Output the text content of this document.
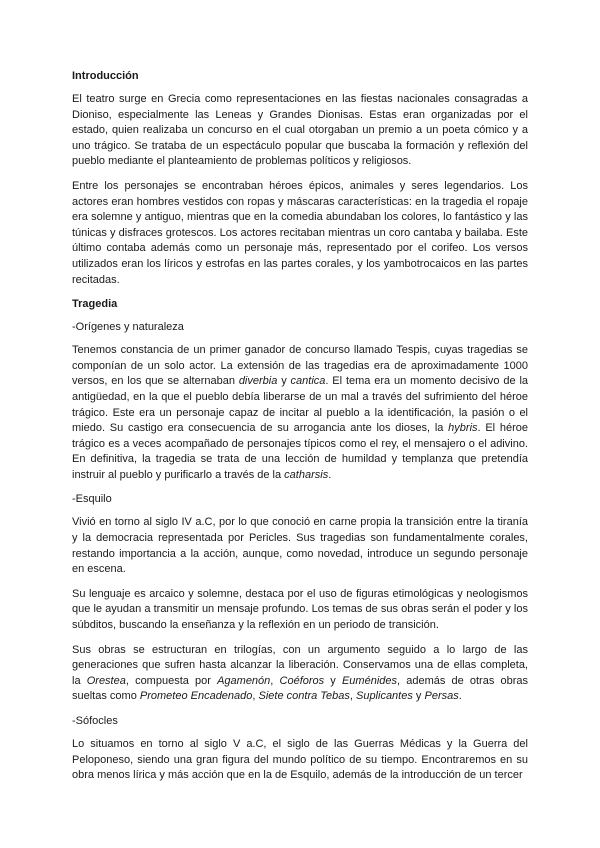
Introducción

El teatro surge en Grecia como representaciones en las fiestas nacionales consagradas a Dioniso, especialmente las Leneas y Grandes Dionisas. Estas eran organizadas por el estado, quien realizaba un concurso en el cual otorgaban un premio a un poeta cómico y a uno trágico. Se trataba de un espectáculo popular que buscaba la formación y reflexión del pueblo mediante el planteamiento de problemas políticos y religiosos.

Entre los personajes se encontraban héroes épicos, animales y seres legendarios. Los actores eran hombres vestidos con ropas y máscaras características: en la tragedia el ropaje era solemne y antiguo, mientras que en la comedia abundaban los colores, lo fantástico y las túnicas y disfraces grotescos. Los actores recitaban mientras un coro cantaba y bailaba. Este último contaba además como un personaje más, representado por el corifeo. Los versos utilizados eran los líricos y estrofas en las partes corales, y los yambotrocaicos en las partes recitadas.

Tragedia
-Orígenes y naturaleza

Tenemos constancia de un primer ganador de concurso llamado Tespis, cuyas tragedias se componían de un solo actor. La extensión de las tragedias era de aproximadamente 1000 versos, en los que se alternaban diverbia y cantica. El tema era un momento decisivo de la antigüedad, en la que el pueblo debía liberarse de un mal a través del sufrimiento del héroe trágico. Este era un personaje capaz de incitar al pueblo a la identificación, la pasión o el miedo. Su castigo era consecuencia de su arrogancia ante los dioses, la hybris. El héroe trágico es a veces acompañado de personajes típicos como el rey, el mensajero o el adivino. En definitiva, la tragedia se trata de una lección de humildad y templanza que pretendía instruir al pueblo y purificarlo a través de la catharsis.

-Esquilo

Vivió en torno al siglo IV a.C, por lo que conoció en carne propia la transición entre la tiranía y la democracia representada por Pericles. Sus tragedias son fundamentalmente corales, restando importancia a la acción, aunque, como novedad, introduce un segundo personaje en escena.

Su lenguaje es arcaico y solemne, destaca por el uso de figuras etimológicas y neologismos que le ayudan a transmitir un mensaje profundo. Los temas de sus obras serán el poder y los súbditos, buscando la enseñanza y la reflexión en un periodo de transición.

Sus obras se estructuran en trilogías, con un argumento seguido a lo largo de las generaciones que sufren hasta alcanzar la liberación. Conservamos una de ellas completa, la Orestea, compuesta por Agamenón, Coéforos y Euménides, además de otras obras sueltas como Prometeo Encadenado, Siete contra Tebas, Suplicantes y Persas.

-Sófocles

Lo situamos en torno al siglo V a.C, el siglo de las Guerras Médicas y la Guerra del Peloponeso, siendo una gran figura del mundo político de su tiempo. Encontraremos en su obra menos lírica y más acción que en la de Esquilo, además de la introducción de un tercer
